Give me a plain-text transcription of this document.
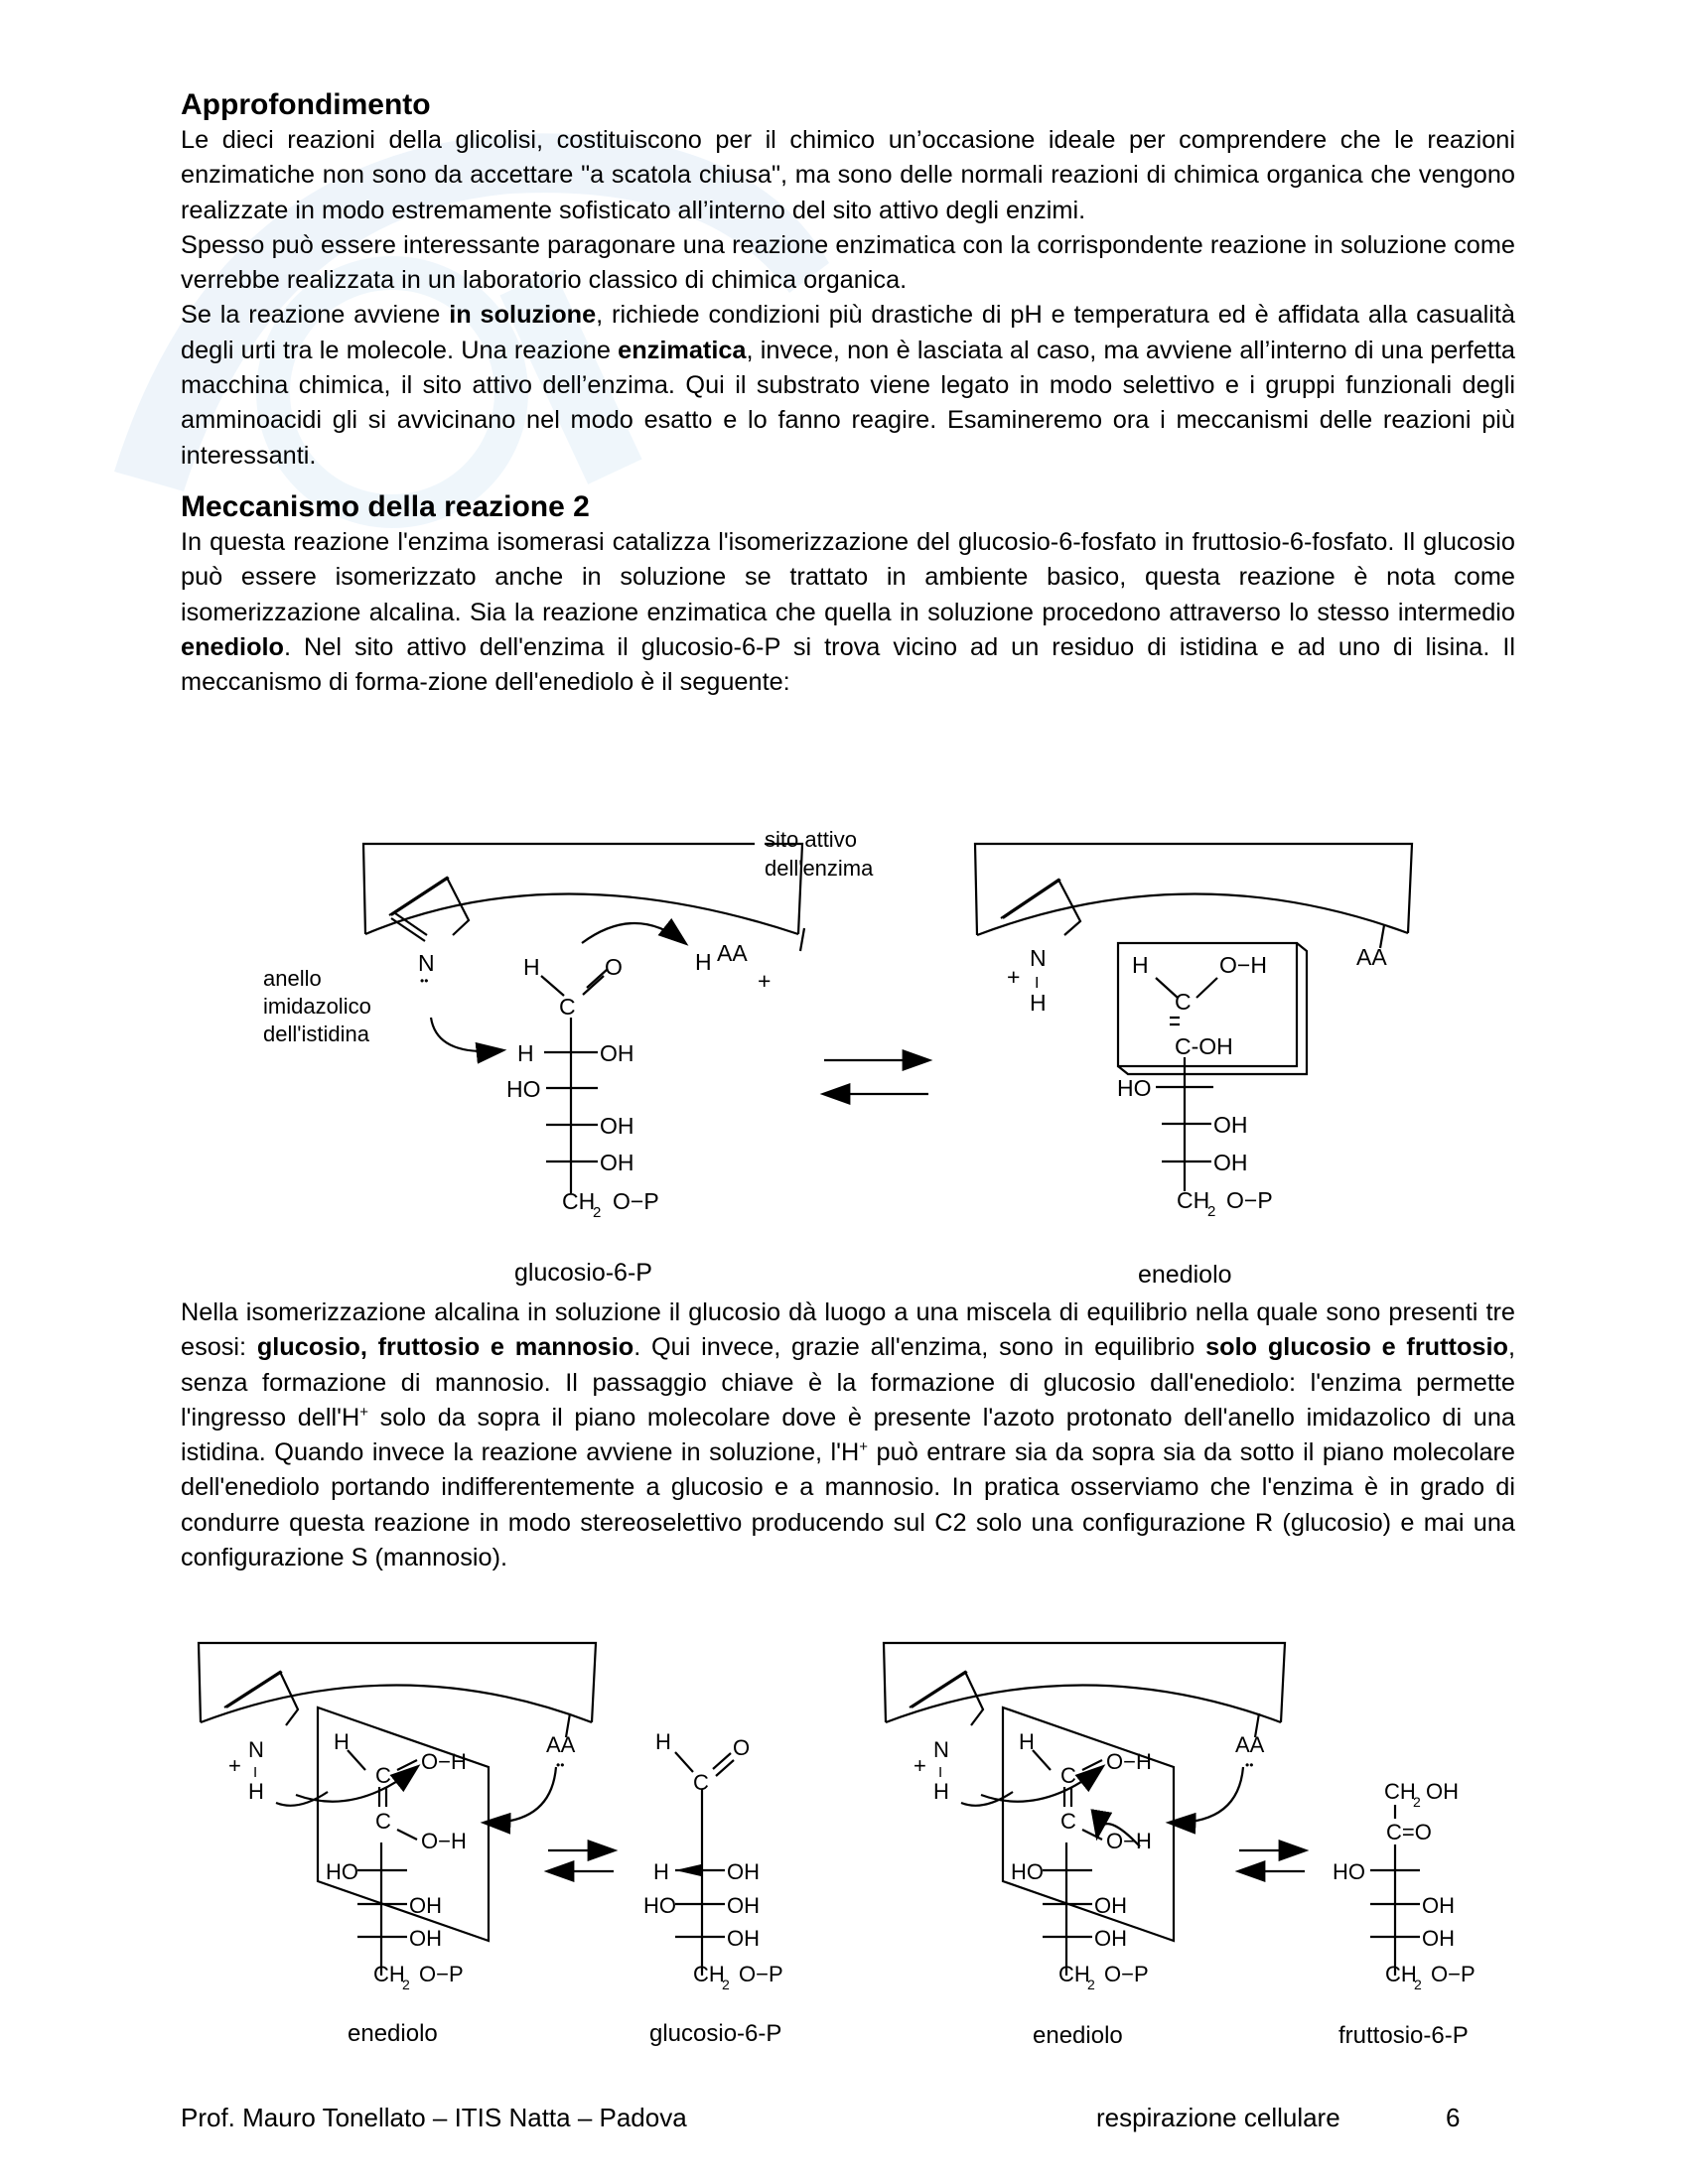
Approfondimento

Le dieci reazioni della glicolisi, costituiscono per il chimico un’occasione ideale per comprendere che le reazioni enzimatiche non sono da accettare "a scatola chiusa", ma sono delle normali reazioni di chimica organica che vengono realizzate in modo estremamente sofisticato all’interno del sito attivo degli enzimi.

Spesso può essere interessante paragonare una reazione enzimatica con la corrispondente reazione in soluzione come verrebbe realizzata in un laboratorio classico di chimica organica.

Se la reazione avviene in soluzione, richiede condizioni più drastiche di pH e temperatura ed è affidata alla casualità degli urti tra le molecole. Una reazione enzimatica, invece, non è lasciata al caso, ma avviene all’interno di una perfetta macchina chimica, il sito attivo dell’enzima. Qui il substrato viene legato in modo selettivo e i gruppi funzionali degli amminoacidi gli si avvicinano nel modo esatto e lo fanno reagire. Esamineremo ora i meccanismi delle reazioni più interessanti.

Meccanismo della reazione 2

In questa reazione l'enzima isomerasi catalizza l'isomerizzazione del glucosio-6-fosfato in fruttosio-6-fosfato. Il glucosio può essere isomerizzato anche in soluzione se trattato in ambiente basico, questa reazione è nota come isomerizzazione alcalina. Sia la reazione enzimatica che quella in soluzione procedono attraverso lo stesso intermedio enediolo. Nel sito attivo dell'enzima il glucosio-6-P si trova vicino ad un residuo di istidina e ad uno di lisina. Il meccanismo di forma-zione dell'enediolo è il seguente:

sito attivo
dell'enzima
anello
imidazolico
dell'istidina
N
••
H	O
C
H AA
+
H	OH
HO
OH
OH
CH
2 O−P
N
+ I
H
AA
H	O−H
C
C-OH
HO
OH
OH
CH
2 O−P
glucosio-6-P	enediolo

Nella isomerizzazione alcalina in soluzione il glucosio dà luogo a una miscela di equilibrio nella quale sono presenti tre esosi: glucosio, fruttosio e mannosio. Qui invece, grazie all'enzima, sono in equilibrio solo glucosio e fruttosio, senza formazione di mannosio. Il passaggio chiave è la formazione di glucosio dall'enediolo: l'enzima permette l'ingresso dell'H+ solo da sopra il piano molecolare dove è presente l'azoto protonato dell'anello imidazolico di una istidina. Quando invece la reazione avviene in soluzione, l'H+ può entrare sia da sopra sia da sotto il piano molecolare dell'enediolo portando indifferentemente a glucosio e a mannosio. In pratica osserviamo che l'enzima è in grado di condurre questa reazione in modo stereoselettivo producendo sul C2 solo una configurazione R (glucosio) e mai una configurazione S (mannosio).

N
+ I
H
AA
••
H
C
C
O−H
O−H
HO
OH
OH
CH
2 O−P
H	O
C
H	OH
HO OH
OH
CH
2 O−P
N
+ I
H
AA
••
H
C
C
O−H
O−H
HO
OH
OH
CH
2 O−P
CH
2 OH
C=O
HO
OH
OH
CH
2 O−P
enediolo	glucosio-6-P	enediolo	fruttosio-6-P
Prof. Mauro Tonellato – ITIS Natta – Padova	respirazione cellulare	6
